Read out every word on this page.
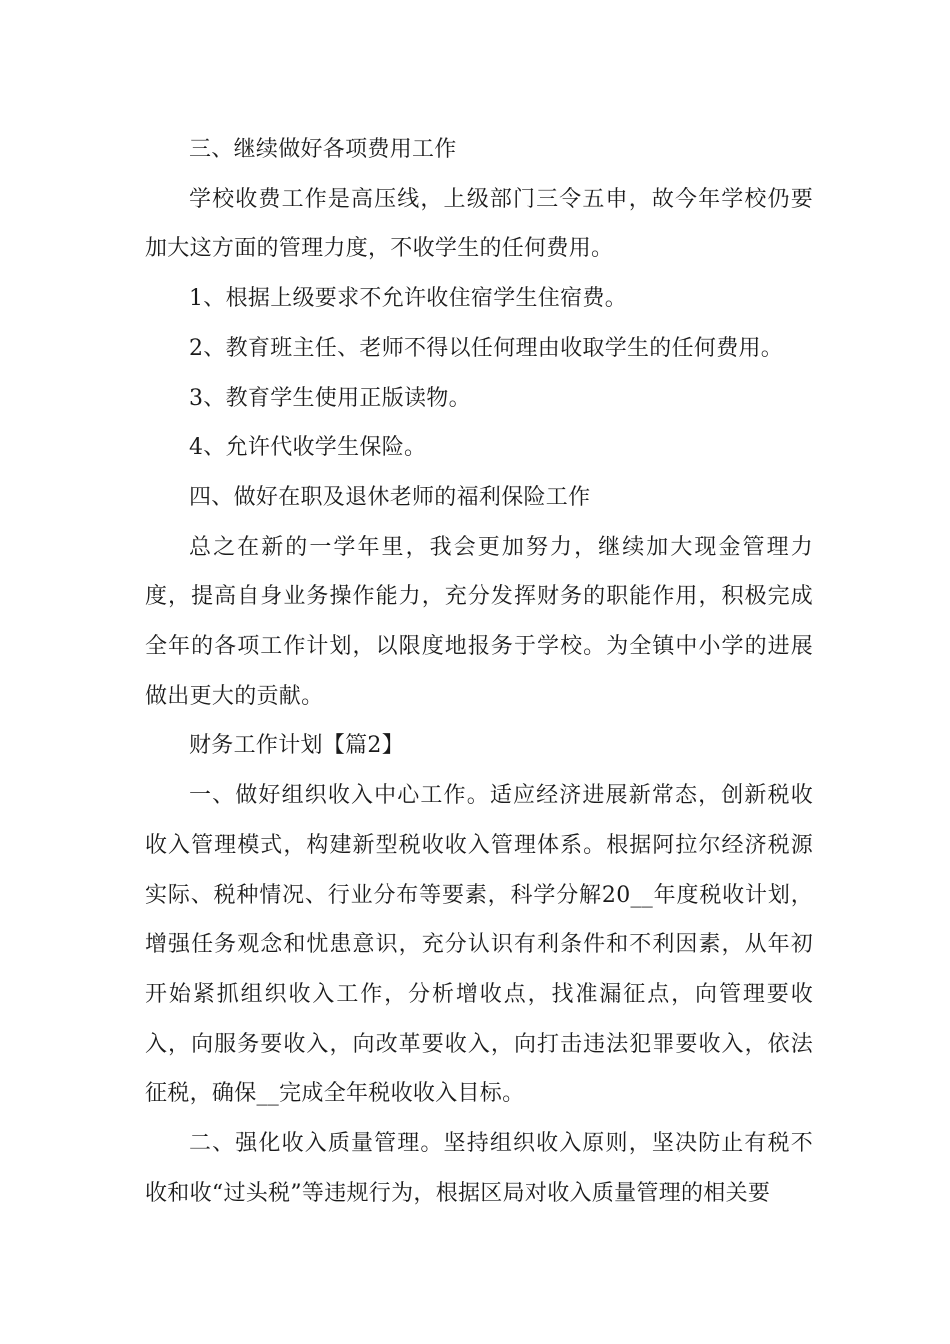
三、继续做好各项费用工作

学校收费工作是高压线，上级部门三令五申，故今年学校仍要加大这方面的管理力度，不收学生的任何费用。

1、根据上级要求不允许收住宿学生住宿费。

2、教育班主任、老师不得以任何理由收取学生的任何费用。

3、教育学生使用正版读物。

4、允许代收学生保险。

四、做好在职及退休老师的福利保险工作

总之在新的一学年里，我会更加努力，继续加大现金管理力度，提高自身业务操作能力，充分发挥财务的职能作用，积极完成全年的各项工作计划，以限度地报务于学校。为全镇中小学的进展做出更大的贡献。

财务工作计划【篇2】

一、做好组织收入中心工作。适应经济进展新常态，创新税收收入管理模式，构建新型税收收入管理体系。根据阿拉尔经济税源实际、税种情况、行业分布等要素，科学分解20__年度税收计划，增强任务观念和忧患意识，充分认识有利条件和不利因素，从年初开始紧抓组织收入工作，分析增收点，找准漏征点，向管理要收入，向服务要收入，向改革要收入，向打击违法犯罪要收入，依法征税，确保__完成全年税收收入目标。

二、强化收入质量管理。坚持组织收入原则，坚决防止有税不收和收“过头税”等违规行为，根据区局对收入质量管理的相关要
